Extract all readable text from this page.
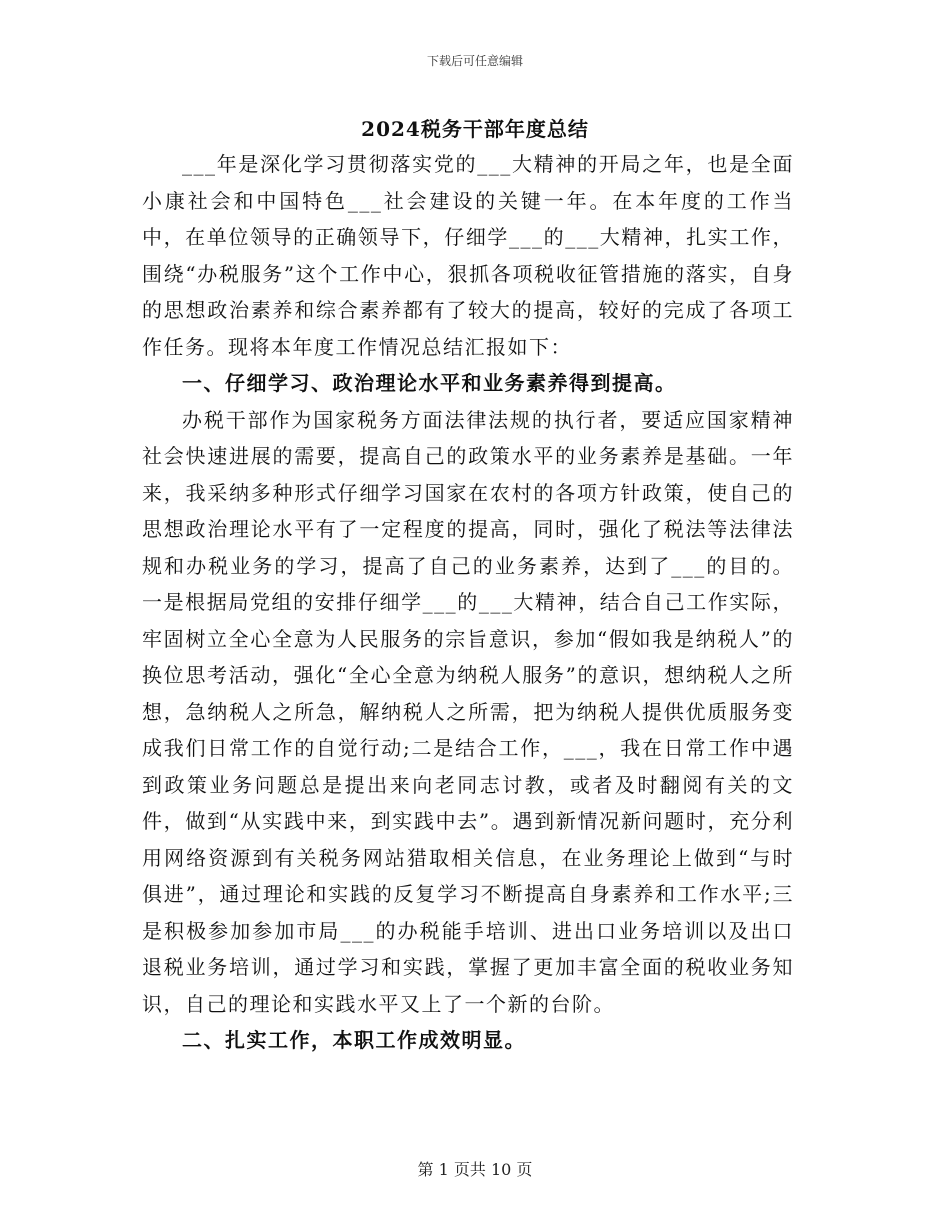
下载后可任意编辑
2024税务干部年度总结

___年是深化学习贯彻落实党的___大精神的开局之年，也是全面小康社会和中国特色___社会建设的关键一年。在本年度的工作当中，在单位领导的正确领导下，仔细学___的___大精神，扎实工作，围绕“办税服务”这个工作中心，狠抓各项税收征管措施的落实，自身的思想政治素养和综合素养都有了较大的提高，较好的完成了各项工作任务。现将本年度工作情况总结汇报如下：

一、仔细学习、政治理论水平和业务素养得到提高。

办税干部作为国家税务方面法律法规的执行者，要适应国家精神社会快速进展的需要，提高自己的政策水平的业务素养是基础。一年来，我采纳多种形式仔细学习国家在农村的各项方针政策，使自己的思想政治理论水平有了一定程度的提高，同时，强化了税法等法律法规和办税业务的学习，提高了自己的业务素养，达到了___的目的。一是根据局党组的安排仔细学___的___大精神，结合自己工作实际，牢固树立全心全意为人民服务的宗旨意识，参加“假如我是纳税人”的换位思考活动，强化“全心全意为纳税人服务”的意识，想纳税人之所想，急纳税人之所急，解纳税人之所需，把为纳税人提供优质服务变成我们日常工作的自觉行动;二是结合工作，___，我在日常工作中遇到政策业务问题总是提出来向老同志讨教，或者及时翻阅有关的文件，做到“从实践中来，到实践中去”。遇到新情况新问题时，充分利用网络资源到有关税务网站猎取相关信息，在业务理论上做到“与时俱进”，通过理论和实践的反复学习不断提高自身素养和工作水平;三是积极参加参加市局___的办税能手培训、进出口业务培训以及出口退税业务培训，通过学习和实践，掌握了更加丰富全面的税收业务知识，自己的理论和实践水平又上了一个新的台阶。

二、扎实工作，本职工作成效明显。

第 1 页共 10 页
